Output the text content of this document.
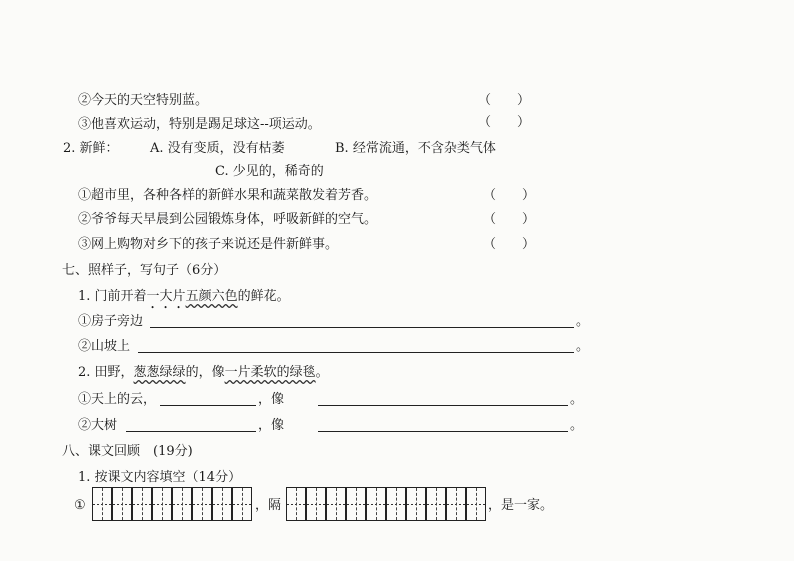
②今天的天空特别蓝。	（　　）
③他喜欢运动，特别是踢足球这--项运动。	（　　）
2. 新鲜： A. 没有变质，没有枯萎	B. 经常流通，不含杂类气体
C. 少见的，稀奇的
①超市里，各种各样的新鲜水果和蔬菜散发着芳香。	（　　）
②爷爷每天早晨到公园锻炼身体，呼吸新鲜的空气。	（　　）
③网上购物对乡下的孩子来说还是件新鲜事。	（　　）
七、照样子，写句子（6分）
1. 门前开着一大片五颜六色的鲜花。
①房子旁边	。
②山坡上	。
2. 田野，葱葱绿绿的，像一片柔软的绿毯。
①天上的云，	，像	。
②大树	，像	。
八、课文回顾　(19分)
1. 按课文内容填空（14分）
①	，隔	，是一家。
